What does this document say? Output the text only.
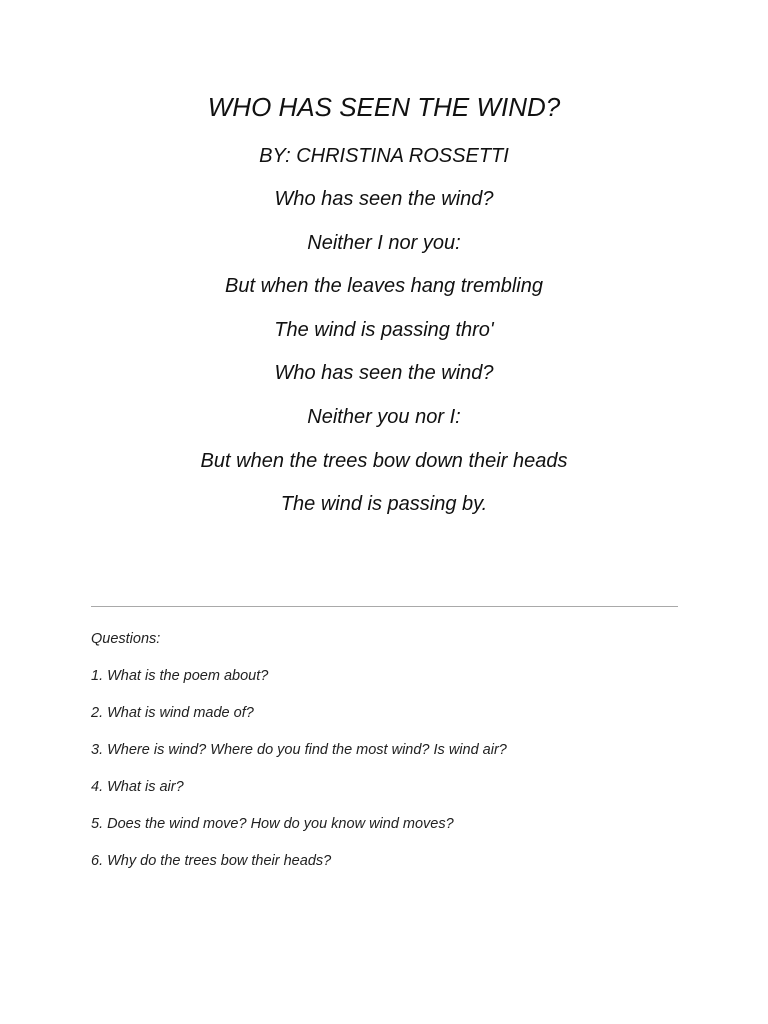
WHO HAS SEEN THE WIND?

BY: CHRISTINA ROSSETTI

Who has seen the wind?
Neither I nor you:
But when the leaves hang trembling
The wind is passing thro'
Who has seen the wind?
Neither you nor I:
But when the trees bow down their heads
The wind is passing by.
Questions:
1. What is the poem about?
2. What is wind made of?
3. Where is wind? Where do you find the most wind? Is wind air?
4. What is air?
5. Does the wind move? How do you know wind moves?
6. Why do the trees bow their heads?
